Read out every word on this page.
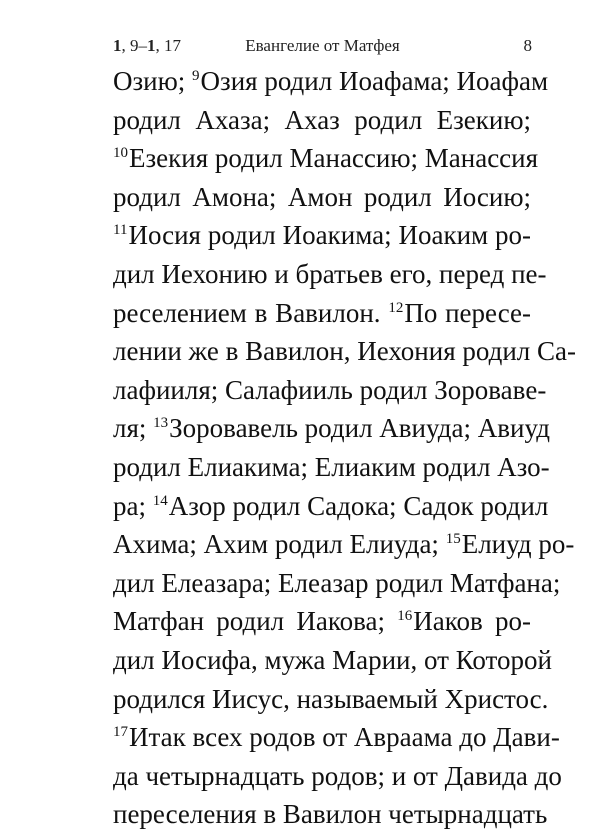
1, 9–1, 17	Евангелие от Матфея	8
Озию; $^9$Озия родил Иоафама; Иоафам
родил Ахаза; Ахаз родил Езекию;
$^{10}$Езекия родил Манассию; Манассия
родил Амона; Амон родил Иосию;
$^{11}$Иосия родил Иоакима; Иоаким ро-
дил Иехонию и братьев его, перед пе-
реселением в Вавилон. $^{12}$По пересе-
лении же в Вавилон, Иехония родил Са-
лафииля; Салафииль родил Зоровавe-
ля; $^{13}$Зоровавель родил Авиуда; Авиуд
родил Елиакима; Елиаким родил Азо-
ра; $^{14}$Азор родил Садока; Садок родил
Ахима; Ахим родил Елиуда; $^{15}$Елиуд ро-
дил Елеазара; Елеазар родил Матфана;
Матфан родил Иакова; $^{16}$Иаков ро-
дил Иосифа, мужа Марии, от Которой
родился Иисус, называемый Христос.
$^{17}$Итак всех родов от Авраама до Дави-
да четырнадцать родов; и от Давида до
переселения в Вавилон четырнадцать
